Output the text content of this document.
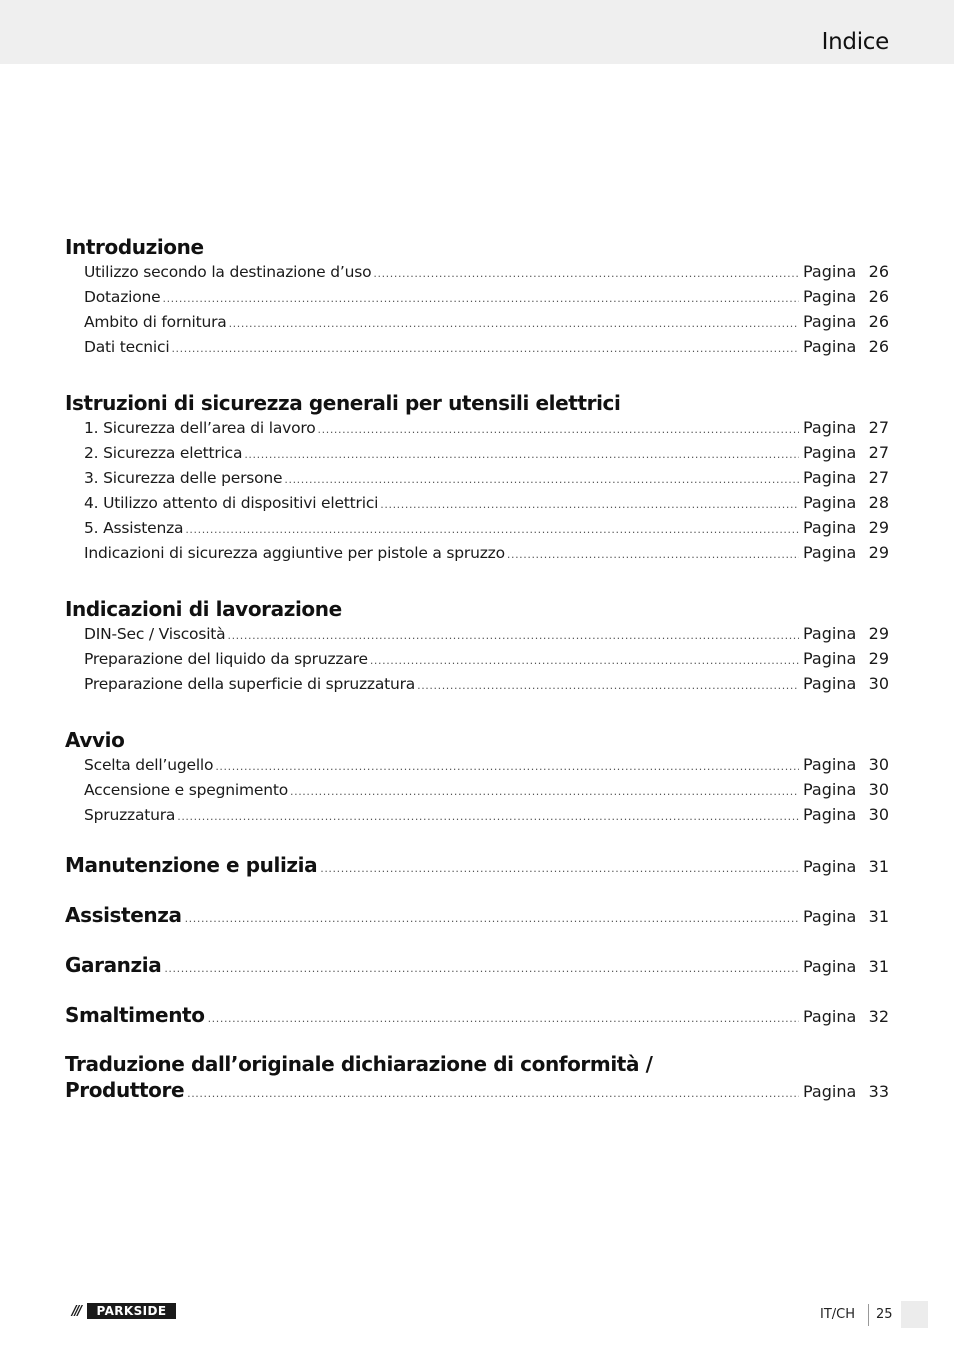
Indice
Introduzione
Utilizzo secondo la destinazione d’uso .....	Pagina 26
Dotazione .....	Pagina 26
Ambito di fornitura .....	Pagina 26
Dati tecnici .....	Pagina 26
Istruzioni di sicurezza generali per utensili elettrici
1. Sicurezza dell’area di lavoro .....	Pagina 27
2. Sicurezza elettrica .....	Pagina 27
3. Sicurezza delle persone .....	Pagina 27
4. Utilizzo attento di dispositivi elettrici .....	Pagina 28
5. Assistenza .....	Pagina 29
Indicazioni di sicurezza aggiuntive per pistole a spruzzo .....	Pagina 29
Indicazioni di lavorazione
DIN-Sec / Viscosità .....	Pagina 29
Preparazione del liquido da spruzzare .....	Pagina 29
Preparazione della superficie di spruzzatura .....	Pagina 30
Avvio
Scelta dell’ugello .....	Pagina 30
Accensione e spegnimento .....	Pagina 30
Spruzzatura .....	Pagina 30
Manutenzione e pulizia .....	Pagina 31
Assistenza .....	Pagina 31
Garanzia .....	Pagina 31
Smaltimento .....	Pagina 32
Traduzione dall’originale dichiarazione di conformità /
Produttore .....	Pagina 33
///	PARKSIDE	IT/CH 25
